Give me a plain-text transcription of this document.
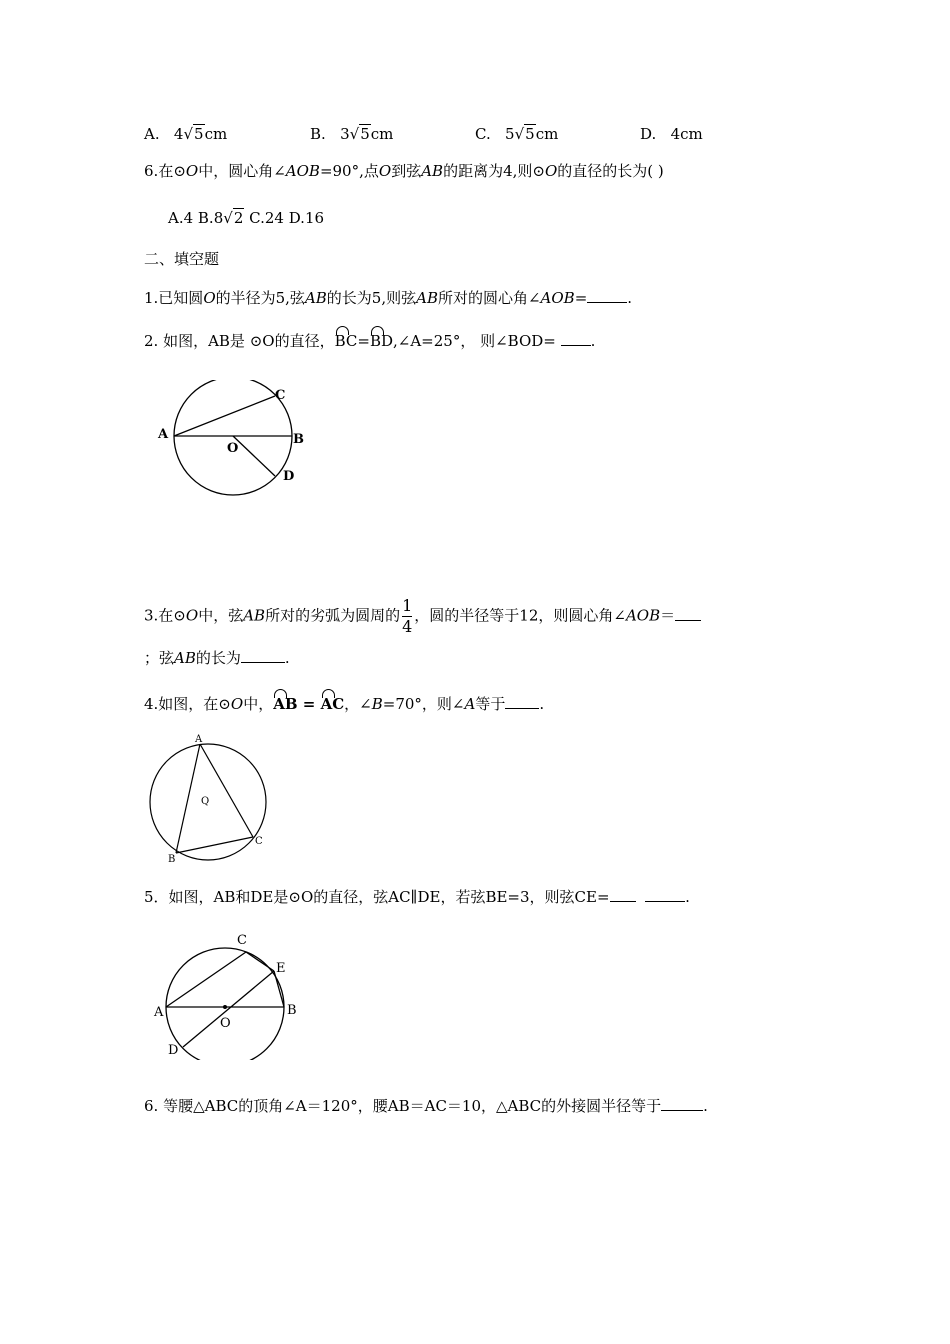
A. 4√5cm	B. 3√5cm	C. 5√5cm	D. 4cm
6.在⊙O中，圆心角∠AOB=90°,点O到弦AB的距离为4,则⊙O的直径的长为( )
A.4 B.8√2 C.24 D.16
二、填空题
1.已知圆O的半径为5,弦AB的长为5,则弦AB所对的圆心角∠AOB=	.
2. 如图，AB是 ⊙O的直径，BC=BD,∠A=25°， 则∠BOD= .
A	B
C
D
O
3.在⊙O中，弦AB所对的劣弧为圆周的 $\frac{1}{4}$ ，圆的半径等于12，则圆心角∠AOB＝
；弦AB的长为	.
4.如图，在⊙O中，AB = AC，∠B=70°，则∠A等于 .
A
B
C
Q
5．如图，AB和DE是⊙O的直径，弦AC∥DE，若弦BE=3，则弦CE=	.
A	B
C
D
E
O
6. 等腰△ABC的顶角∠A＝120°，腰AB＝AC＝10，△ABC的外接圆半径等于	.
